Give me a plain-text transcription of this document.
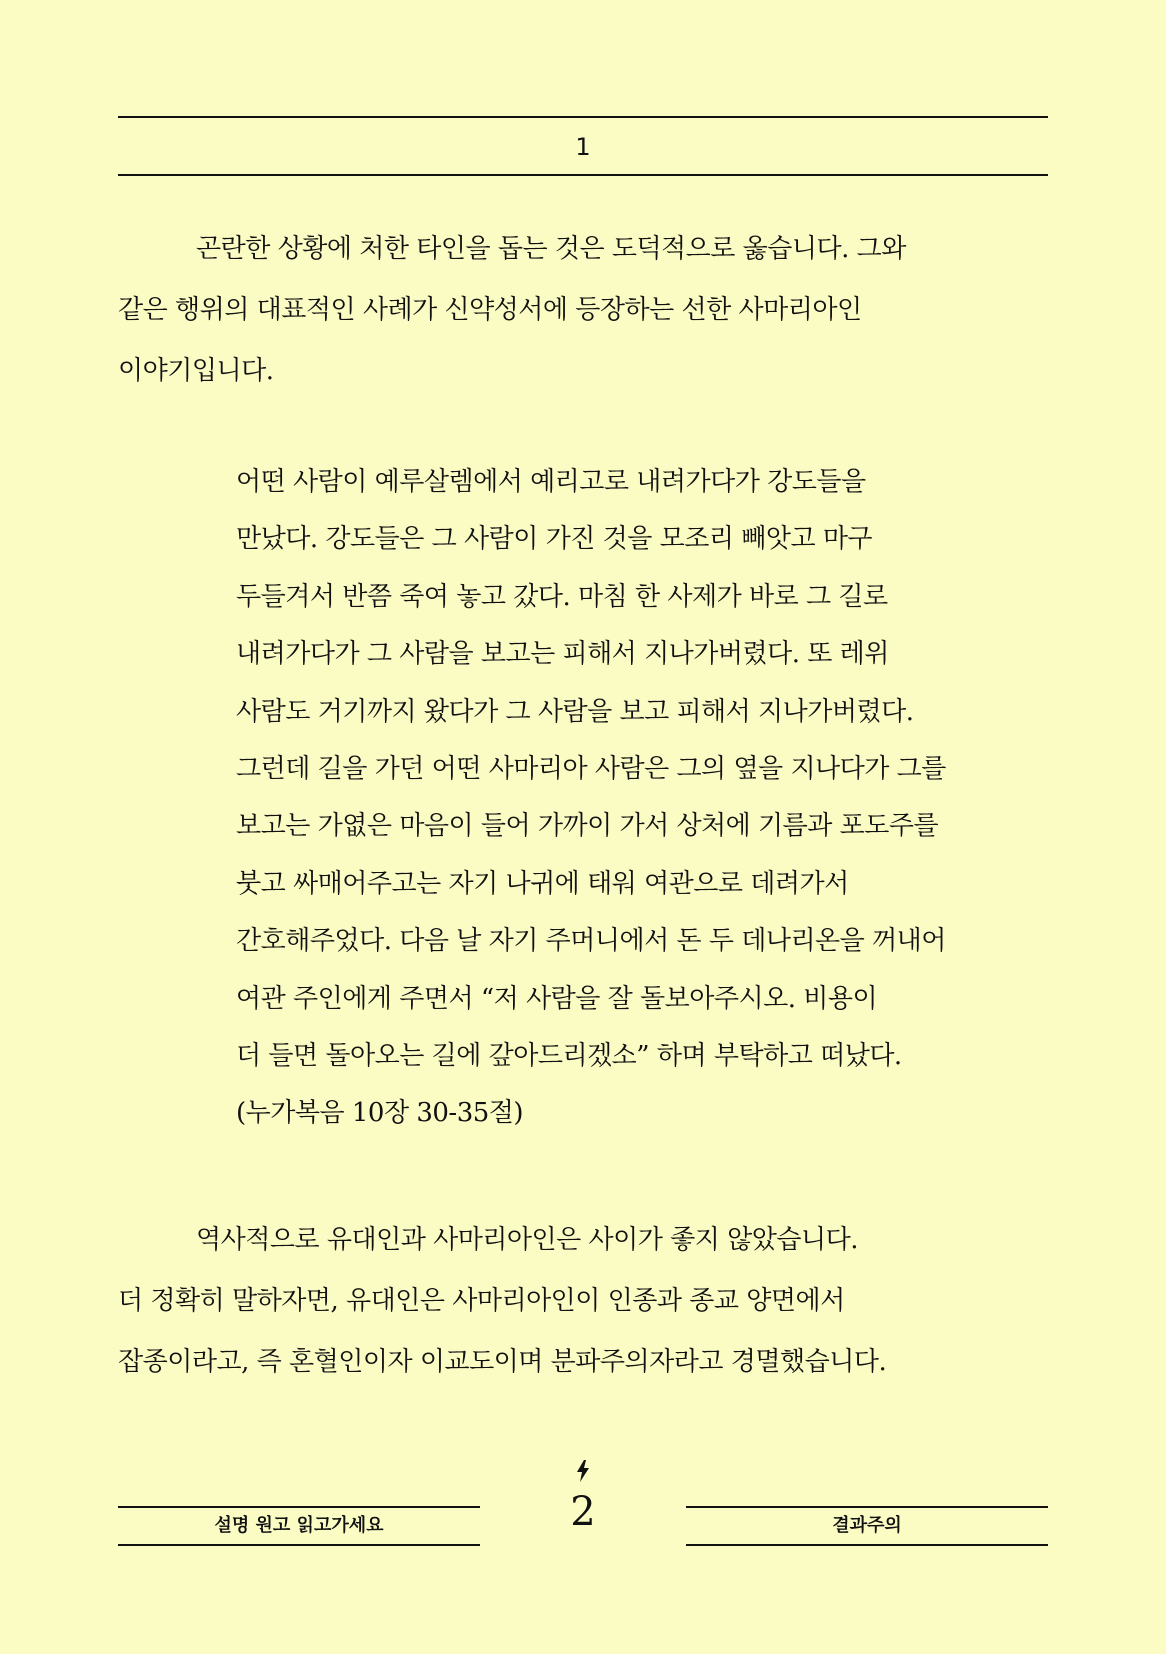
1

곤란한 상황에 처한 타인을 돕는 것은 도덕적으로 옳습니다. 그와
같은 행위의 대표적인 사례가 신약성서에 등장하는 선한 사마리아인
이야기입니다.

어떤 사람이 예루살렘에서 예리고로 내려가다가 강도들을
만났다. 강도들은 그 사람이 가진 것을 모조리 빼앗고 마구
두들겨서 반쯤 죽여 놓고 갔다. 마침 한 사제가 바로 그 길로
내려가다가 그 사람을 보고는 피해서 지나가버렸다. 또 레위
사람도 거기까지 왔다가 그 사람을 보고 피해서 지나가버렸다.
그런데 길을 가던 어떤 사마리아 사람은 그의 옆을 지나다가 그를
보고는 가엾은 마음이 들어 가까이 가서 상처에 기름과 포도주를
붓고 싸매어주고는 자기 나귀에 태워 여관으로 데려가서
간호해주었다. 다음 날 자기 주머니에서 돈 두 데나리온을 꺼내어
여관 주인에게 주면서 “저 사람을 잘 돌보아주시오. 비용이
더 들면 돌아오는 길에 갚아드리겠소” 하며 부탁하고 떠났다.
(누가복음 10장 30-35절)

역사적으로 유대인과 사마리아인은 사이가 좋지 않았습니다.
더 정확히 말하자면, 유대인은 사마리아인이 인종과 종교 양면에서
잡종이라고, 즉 혼혈인이자 이교도이며 분파주의자라고 경멸했습니다.

설명 원고 읽고가세요	2	결과주의
